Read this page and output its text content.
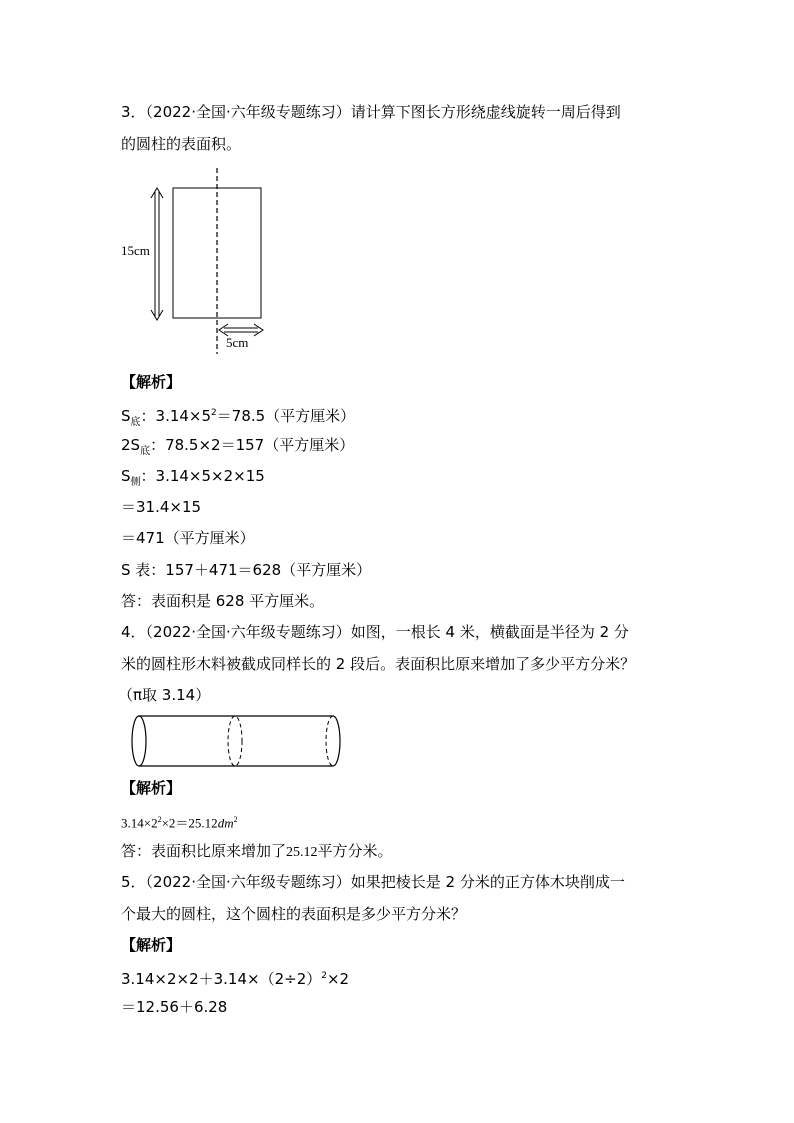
3．（2022·全国·六年级专题练习）请计算下图长方形绕虚线旋转一周后得到
的圆柱的表面积。
15cm
5cm
【解析】
$S_底$：$3.14\times 5^2=78.5$（平方厘米）
$2S_底$：78.5×2＝157（平方厘米）
$S_侧$：3.14×5×2×15
＝31.4×15
＝471（平方厘米）
S 表：157＋471＝628（平方厘米）
答：表面积是 628 平方厘米。
4．（2022·全国·六年级专题练习）如图，一根长 4 米，横截面是半径为 2 分
米的圆柱形木料被截成同样长的 2 段后。表面积比原来增加了多少平方分米？
（π取 3.14）
【解析】
$3.14\times 2^2\times 2=25.12dm^2$
答：表面积比原来增加了25.12平方分米。
5．（2022·全国·六年级专题练习）如果把棱长是 2 分米的正方体木块削成一
个最大的圆柱，这个圆柱的表面积是多少平方分米？
【解析】
$3.14\times 2\times 2+3.14\times(2\div 2)^2\times 2$
＝12.56＋6.28
